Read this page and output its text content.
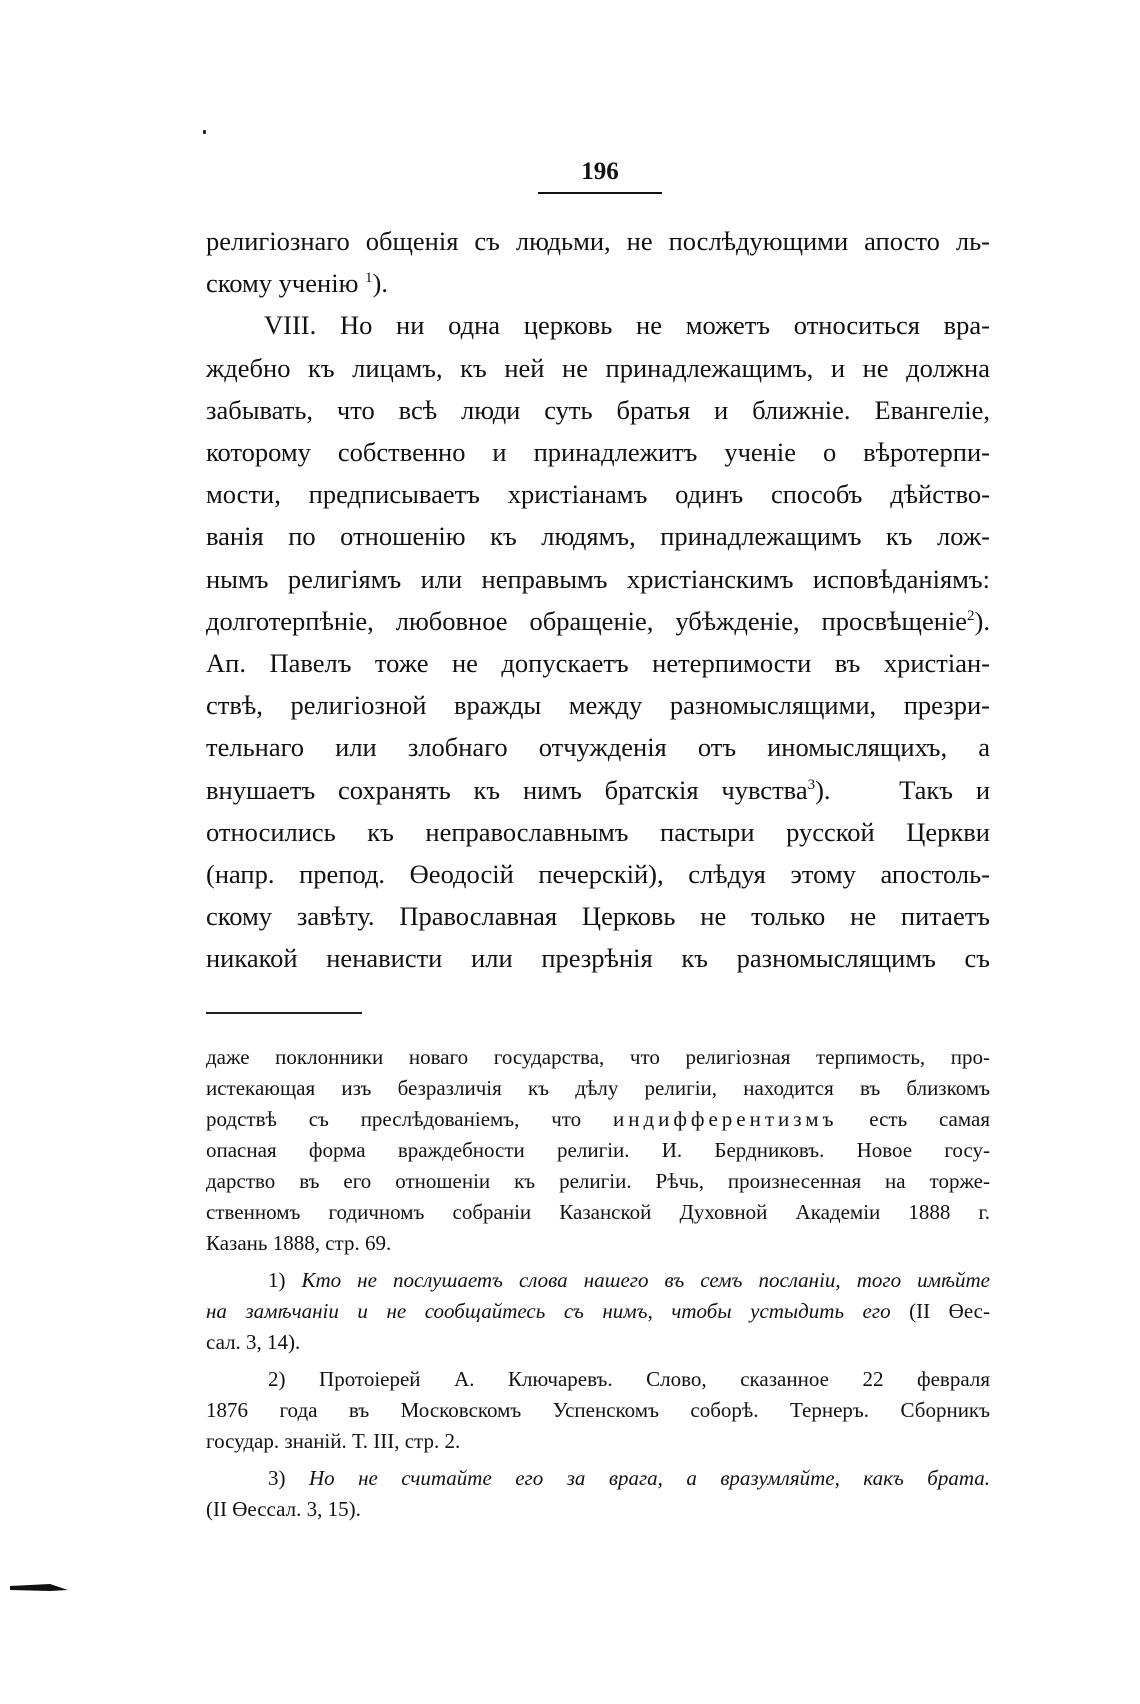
196
религіознаго общенія съ людьми, не послѣдующими апосто ль-
скому ученію $^1$).
VIII. Но ни одна церковь не можетъ относиться вра-
ждебно къ лицамъ, къ ней не принадлежащимъ, и не должна
забывать, что всѣ люди суть братья и ближніе. Евангеліе,
которому собственно и принадлежитъ ученіе о вѣротерпи-
мости, предписываетъ христіанамъ одинъ способъ дѣйство-
ванія по отношенію къ людямъ, принадлежащимъ къ лож-
нымъ религіямъ или неправымъ христіанскимъ исповѣданіямъ:
долготерпѣніе, любовное обращеніе, убѣжденіе, просвѣщеніе$^2$).
Ап. Павелъ тоже не допускаетъ нетерпимости въ христіан-
ствѣ, религіозной вражды между разномыслящими, презри-
тельнаго или злобнаго отчужденія отъ иномыслящихъ, а
внушаетъ сохранять къ нимъ братскія чувства$^3$).	Такъ и
относились къ неправославнымъ пастыри русской Церкви
(напр. препод. Өеодосій печерскій), слѣдуя этому апостоль-
скому завѣту. Православная Церковь не только не питаетъ
никакой ненависти или презрѣнія къ разномыслящимъ съ
даже поклонники новаго государства, что религіозная терпимость, про-
истекающая изъ безразличія къ дѣлу религіи, находится въ близкомъ
родствѣ съ преслѣдованіемъ, что индифферентизмъ есть самая
опасная форма враждебности религіи. И. Бердниковъ. Новое госу-
дарство въ его отношеніи къ религіи. Рѣчь, произнесенная на торже-
ственномъ годичномъ собраніи Казанской Духовной Академіи 1888 г.
Казань 1888, стр. 69.
1) Кто не послушаетъ слова нашего въ семъ посланіи, того имѣйте
на замѣчаніи и не сообщайтесь съ нимъ, чтобы устыдить его (II Өес-
сал. 3, 14).
2) Протоіерей А. Ключаревъ. Слово, сказанное 22 февраля
1876 года въ Московскомъ Успенскомъ соборѣ. Тернеръ. Сборникъ
государ. знаній. Т. III, стр. 2.
3) Но не считайте его за врага, а вразумляйте, какъ брата.
(II Өессал. 3, 15).
